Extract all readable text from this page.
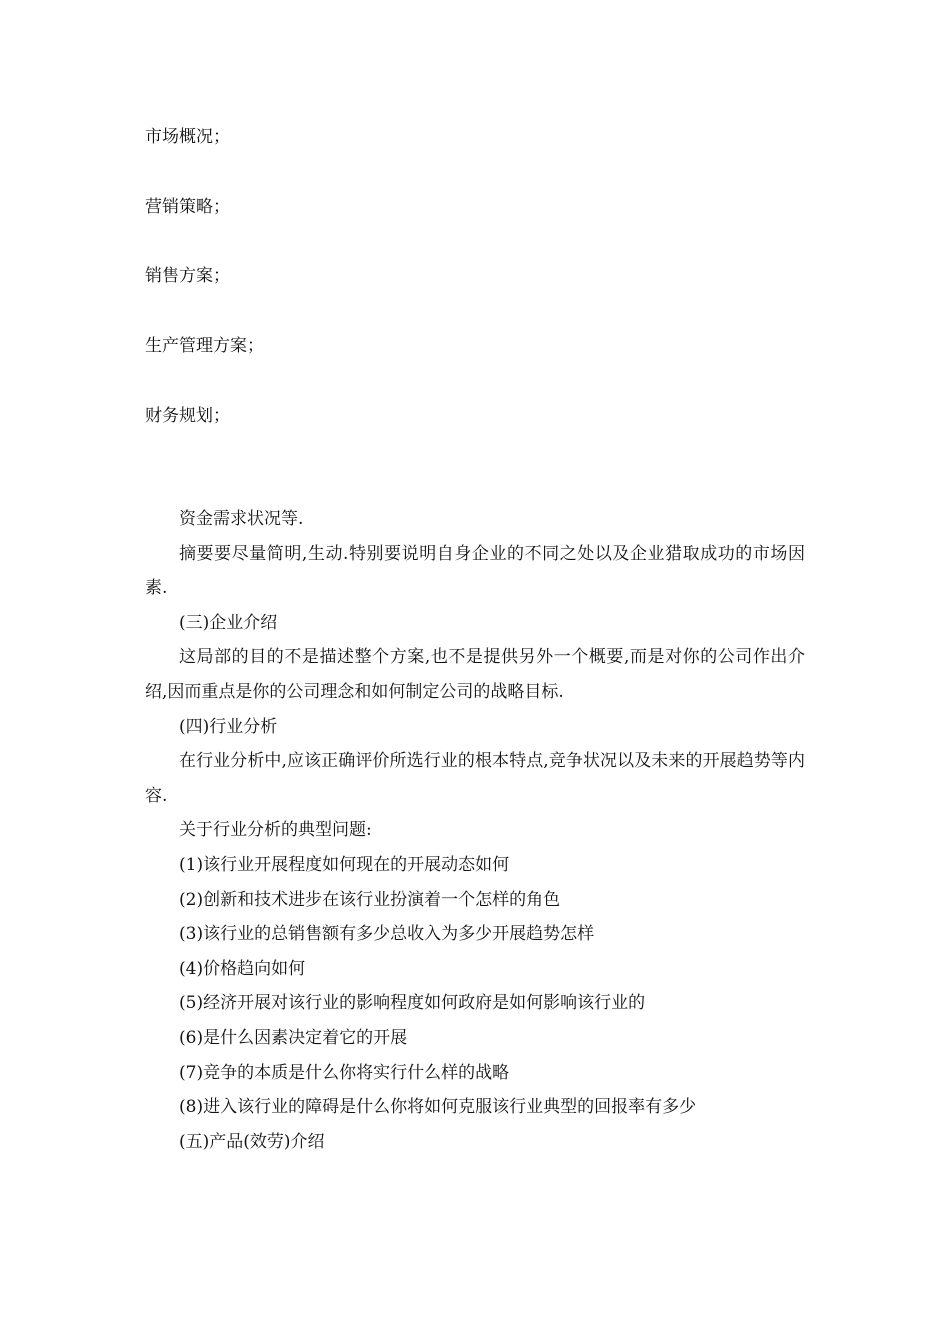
市场概况；
营销策略；
销售方案；
生产管理方案；
财务规划；

资金需求状况等.

摘要要尽量简明,生动.特别要说明自身企业的不同之处以及企业猎取成功的市场因素.

(三)企业介绍

这局部的目的不是描述整个方案,也不是提供另外一个概要,而是对你的公司作出介绍,因而重点是你的公司理念和如何制定公司的战略目标.

(四)行业分析

在行业分析中,应该正确评价所选行业的根本特点,竞争状况以及未来的开展趋势等内容.

关于行业分析的典型问题:

(1)该行业开展程度如何现在的开展动态如何

(2)创新和技术进步在该行业扮演着一个怎样的角色

(3)该行业的总销售额有多少总收入为多少开展趋势怎样

(4)价格趋向如何

(5)经济开展对该行业的影响程度如何政府是如何影响该行业的

(6)是什么因素决定着它的开展

(7)竞争的本质是什么你将实行什么样的战略

(8)进入该行业的障碍是什么你将如何克服该行业典型的回报率有多少

(五)产品(效劳)介绍
